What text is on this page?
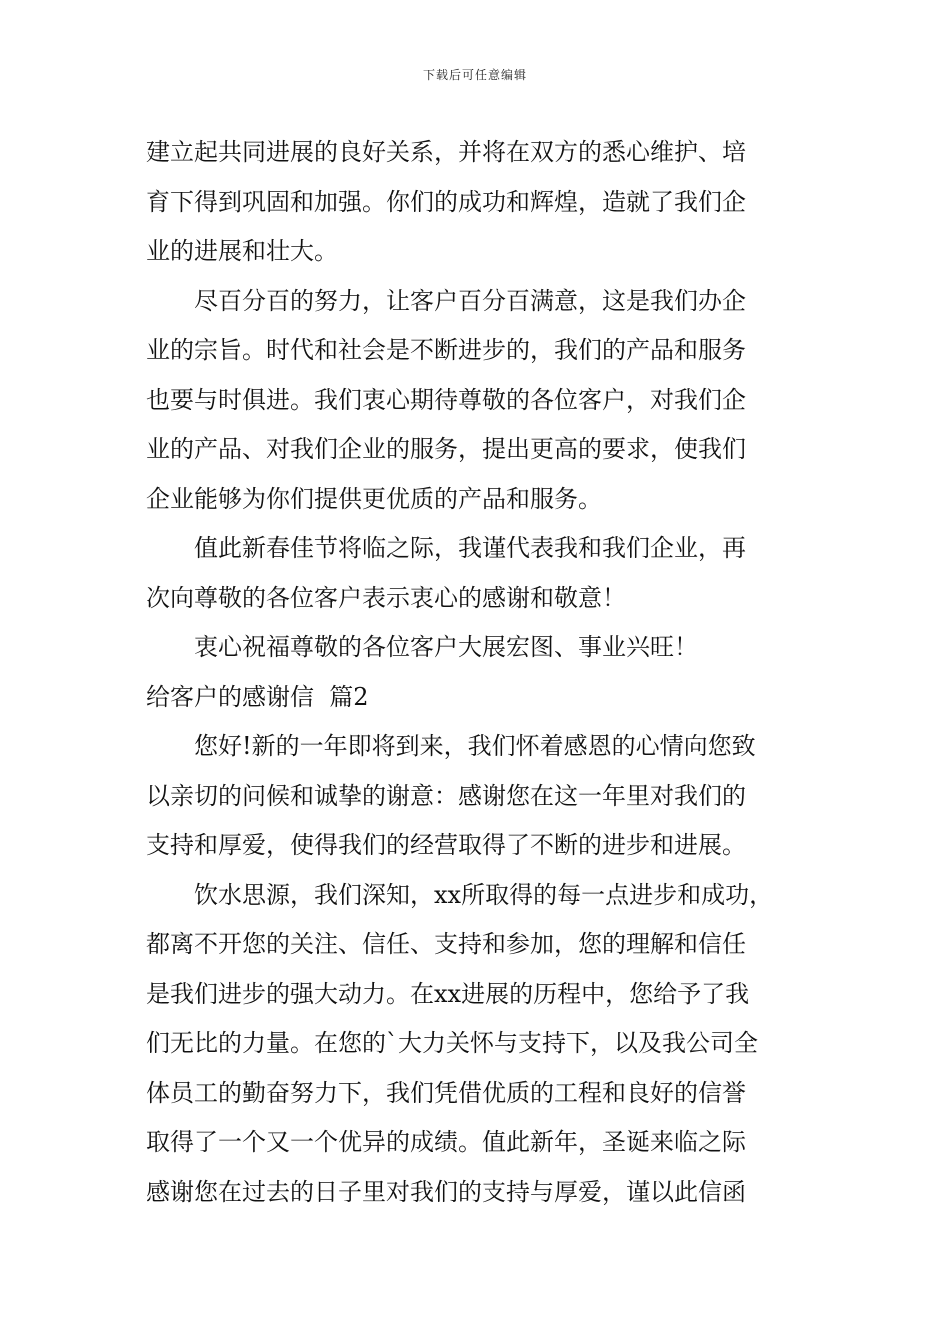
下载后可任意编辑
建立起共同进展的良好关系，并将在双方的悉心维护、培
育下得到巩固和加强。你们的成功和辉煌，造就了我们企
业的进展和壮大。
尽百分百的努力，让客户百分百满意，这是我们办企
业的宗旨。时代和社会是不断进步的，我们的产品和服务
也要与时俱进。我们衷心期待尊敬的各位客户，对我们企
业的产品、对我们企业的服务，提出更高的要求，使我们
企业能够为你们提供更优质的产品和服务。
值此新春佳节将临之际，我谨代表我和我们企业，再
次向尊敬的各位客户表示衷心的感谢和敬意！
衷心祝福尊敬的各位客户大展宏图、事业兴旺！
给客户的感谢信  篇2
您好!新的一年即将到来，我们怀着感恩的心情向您致
以亲切的问候和诚挚的谢意：感谢您在这一年里对我们的
支持和厚爱，使得我们的经营取得了不断的进步和进展。
饮水思源，我们深知，xx所取得的每一点进步和成功，
都离不开您的关注、信任、支持和参加，您的理解和信任
是我们进步的强大动力。在xx进展的历程中，您给予了我
们无比的力量。在您的`大力关怀与支持下，以及我公司全
体员工的勤奋努力下，我们凭借优质的工程和良好的信誉
取得了一个又一个优异的成绩。值此新年，圣诞来临之际
感谢您在过去的日子里对我们的支持与厚爱，谨以此信函
